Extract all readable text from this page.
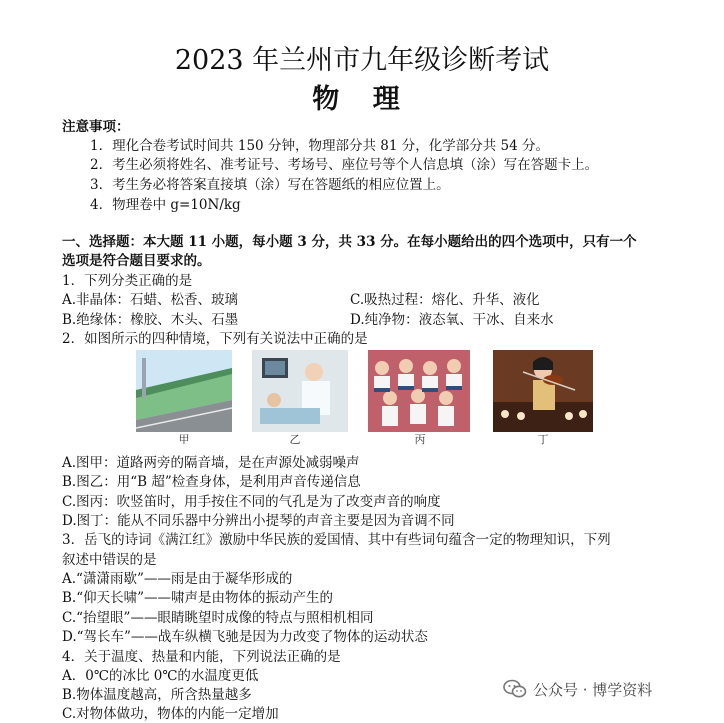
2023 年兰州市九年级诊断考试
物 理
注意事项：
1．理化合卷考试时间共 150 分钟，物理部分共 81 分，化学部分共 54 分。
2．考生必须将姓名、准考证号、考场号、座位号等个人信息填（涂）写在答题卡上。
3．考生务必将答案直接填（涂）写在答题纸的相应位置上。
4．物理卷中 g=10N/kg
一、选择题：本大题 11 小题，每小题 3 分，共 33 分。在每小题给出的四个选项中，只有一个
选项是符合题目要求的。
1．下列分类正确的是
A.非晶体：石蜡、松香、玻璃	C.吸热过程：熔化、升华、液化
B.绝缘体：橡胶、木头、石墨	D.纯净物：液态氧、干冰、自来水
2．如图所示的四种情境，下列有关说法中正确的是
甲	乙	丙	丁
A.图甲：道路两旁的隔音墙，是在声源处减弱噪声
B.图乙：用“B 超”检查身体，是利用声音传递信息
C.图丙：吹竖笛时，用手按住不同的气孔是为了改变声音的响度
D.图丁：能从不同乐器中分辨出小提琴的声音主要是因为音调不同
3．岳飞的诗词《满江红》激励中华民族的爱国情、其中有些词句蕴含一定的物理知识，下列
叙述中错误的是
A.“潇潇雨歇”——雨是由于凝华形成的
B.“仰天长啸”——啸声是由物体的振动产生的
C.“抬望眼”——眼睛眺望时成像的特点与照相机相同
D.“驾长车”——战车纵横飞驰是因为力改变了物体的运动状态
4．关于温度、热量和内能，下列说法正确的是
A．0℃的冰比 0℃的水温度更低
B.物体温度越高，所含热量越多
C.对物体做功，物体的内能一定增加
公众号 · 博学资料
